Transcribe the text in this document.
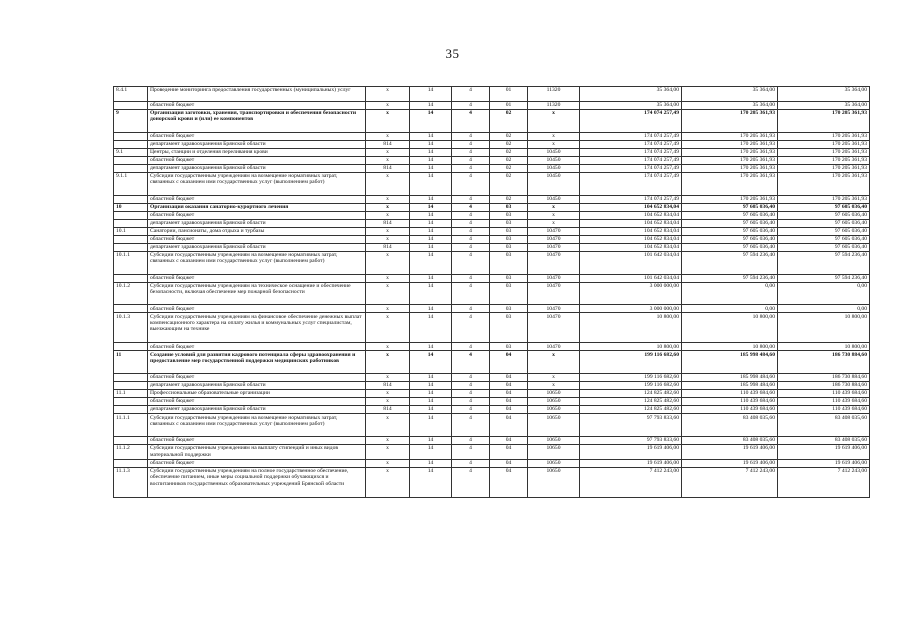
35
8.4.1	Проведение мониторинга предоставления государственных (муниципальных) услуг	x	14	4	01	11320	35 364,00	35 364,00	35 364,00
	областной бюджет	x	14	4	01	11320	35 364,00	35 364,00	35 364,00
9	Организация заготовки, хранения, транспортировки и обеспечения безопасности донорской крови и (или) ее компонентов	x	14	4	02	x	174 074 257,49	170 205 361,93	170 205 361,93
	областной бюджет	x	14	4	02	x	174 074 257,49	170 205 361,93	170 205 361,93
	департамент здравоохранения Брянской области	814	14	4	02	x	174 074 257,49	170 205 361,93	170 205 361,93
9.1	Центры, станции и отделения переливания крови	x	14	4	02	10450	174 074 257,49	170 205 361,93	170 205 361,93
	областной бюджет	x	14	4	02	10450	174 074 257,49	170 205 361,93	170 205 361,93
	департамент здравоохранения Брянской области	814	14	4	02	10450	174 074 257,49	170 205 361,93	170 205 361,93
9.1.1	Субсидии государственным учреждениям на возмещение нормативных затрат, связанных с оказанием ими государственных услуг (выполнением работ)	x	14	4	02	10450	174 074 257,49	170 205 361,93	170 205 361,93
	областной бюджет	x	14	4	02	10450	174 074 257,49	170 205 361,93	170 205 361,93
10	Организация оказания санаторно-курортного лечения	x	14	4	03	x	104 652 834,04	97 605 036,40	97 605 036,40
	областной бюджет	x	14	4	03	x	104 652 834,04	97 605 036,40	97 605 036,40
	департамент здравоохранения Брянской области	814	14	4	03	x	104 652 834,04	97 605 036,40	97 605 036,40
10.1	Санатории, пансионаты, дома отдыха и турбазы	x	14	4	03	10470	104 652 834,04	97 605 036,40	97 605 036,40
	областной бюджет	x	14	4	03	10470	104 652 834,04	97 605 036,40	97 605 036,40
	департамент здравоохранения Брянской области	814	14	4	03	10470	104 652 834,04	97 605 036,40	97 605 036,40
10.1.1	Субсидии государственным учреждениям на возмещение нормативных затрат, связанных с оказанием ими государственных услуг (выполнением работ)	x	14	4	03	10470	101 642 034,04	97 594 236,40	97 594 236,40
	областной бюджет	x	14	4	03	10470	101 642 034,04	97 594 236,40	97 594 236,40
10.1.2	Субсидии государственным учреждениям на техническое оснащение и обеспечение безопасности, включая обеспечение мер пожарной безопасности	x	14	4	03	10470	3 000 000,00	0,00	0,00
	областной бюджет	x	14	4	03	10470	3 000 000,00	0,00	0,00
10.1.3	Субсидии государственным учреждениям на финансовое обеспечение денежных выплат компенсационного характера на оплату жилья и коммунальных услуг специалистам, выезжающим на технике	x	14	4	03	10470	10 800,00	10 800,00	10 800,00
	областной бюджет	x	14	4	03	10470	10 800,00	10 800,00	10 800,00
11	Создание условий для развития кадрового потенциала сферы здравоохранения и предоставление мер государственной поддержки медицинских работников	x	14	4	04	x	199 116 682,60	185 998 484,60	186 730 884,60
	областной бюджет	x	14	4	04	x	199 116 682,60	185 998 484,60	186 730 884,60
	департамент здравоохранения Брянской области	814	14	4	04	x	199 116 682,60	185 998 484,60	186 730 884,60
11.1	Профессиональные образовательные организации	x	14	4	04	10650	124 825 482,60	110 439 684,60	110 439 684,60
	областной бюджет	x	14	4	04	10650	124 825 482,60	110 439 684,60	110 439 684,60
	департамент здравоохранения Брянской области	814	14	4	04	10650	124 825 482,60	110 439 684,60	110 439 684,60
11.1.1	Субсидии государственным учреждениям на возмещение нормативных затрат, связанных с оказанием ими государственных услуг (выполнением работ)	x	14	4	04	10650	97 793 833,60	83 408 035,60	83 408 035,60
	областной бюджет	x	14	4	04	10650	97 793 833,60	83 408 035,60	83 408 035,60
11.1.2	Субсидии государственным учреждениям на выплату стипендий и иных видов материальной поддержки	x	14	4	04	10650	19 619 406,00	19 619 406,00	19 619 406,00
	областной бюджет	x	14	4	04	10650	19 619 406,00	19 619 406,00	19 619 406,00
11.1.3	Субсидии государственным учреждениям на полное государственное обеспечение, обеспечение питанием, иные меры социальной поддержки обучающихся и воспитанников государственных образовательных учреждений Брянской области	x	14	4	04	10650	7 412 243,00	7 412 243,00	7 412 243,00
